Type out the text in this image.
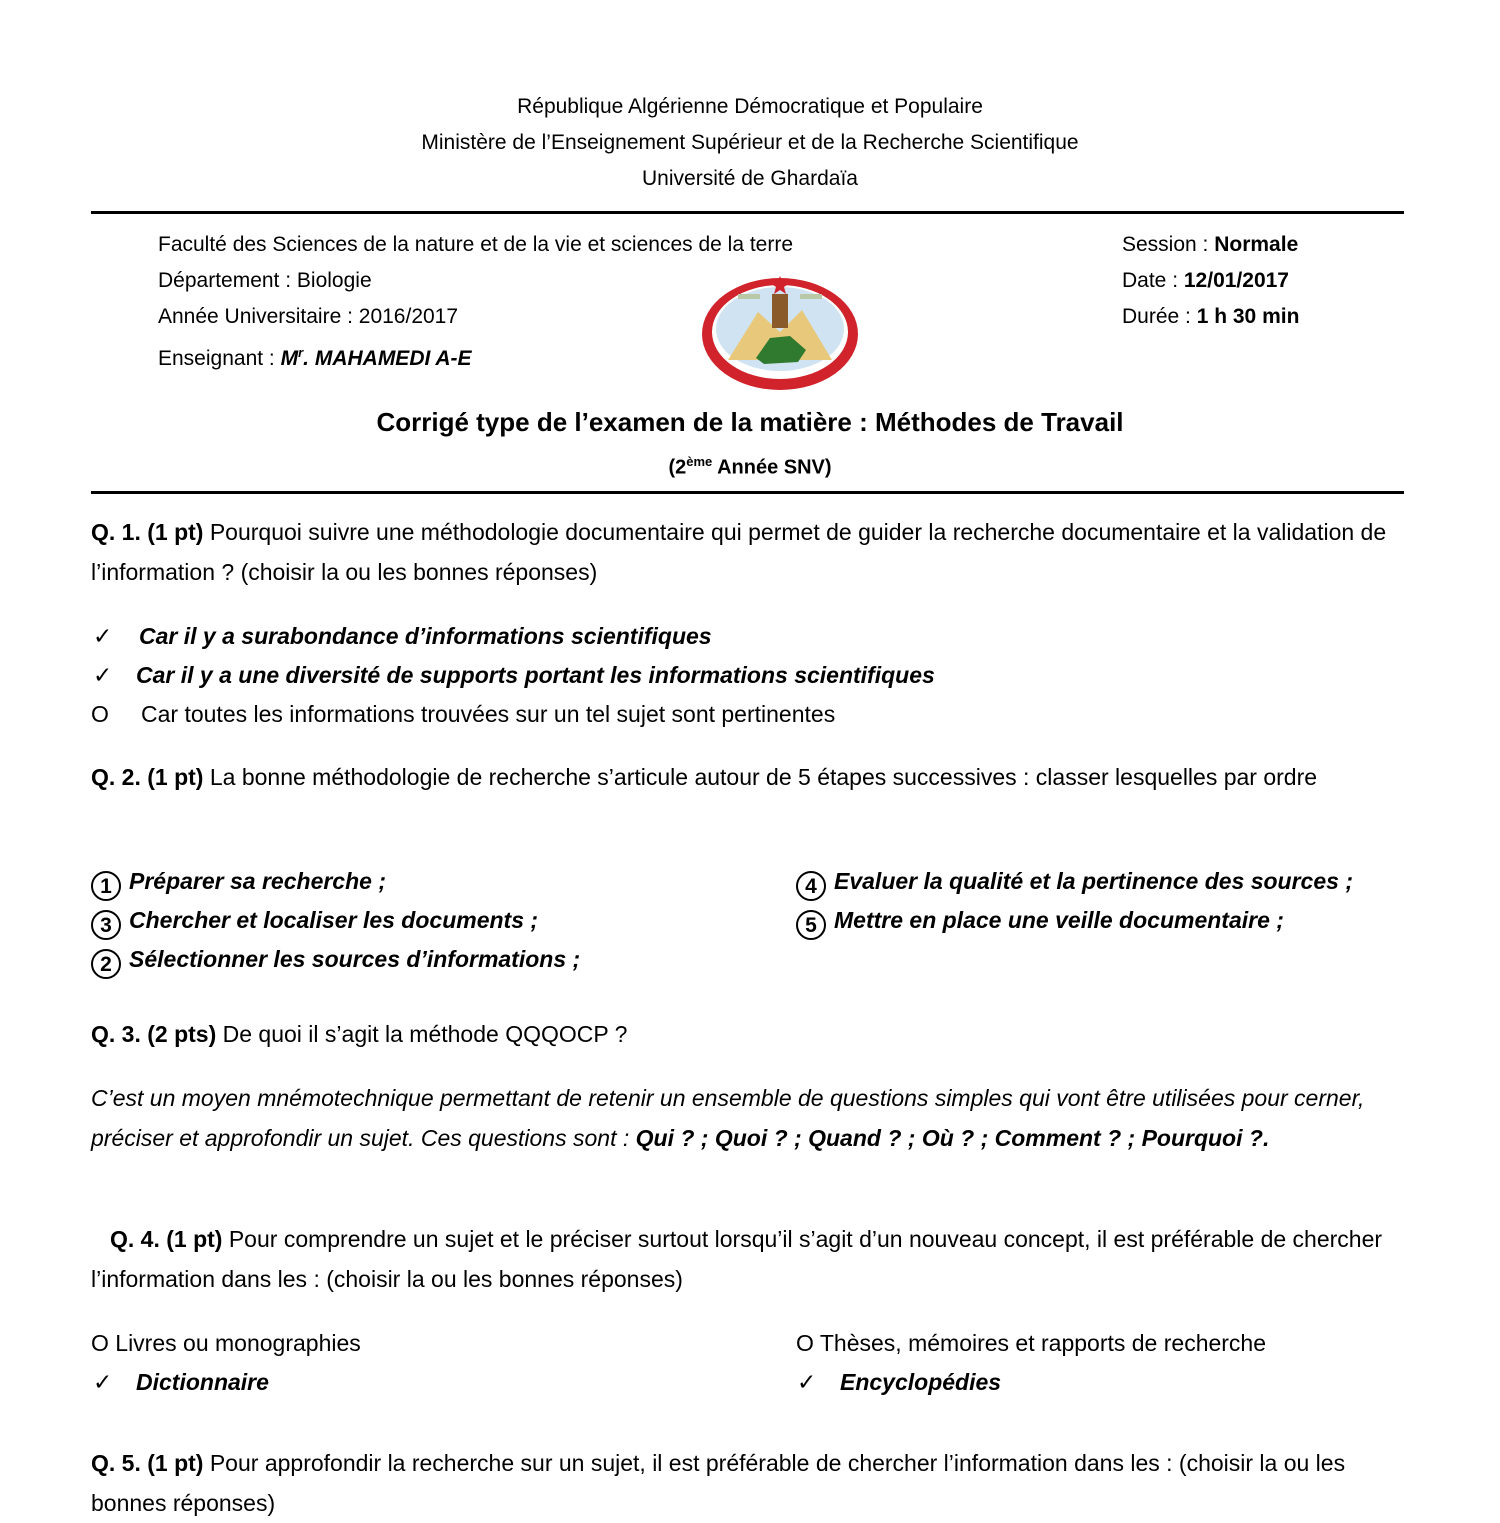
République Algérienne Démocratique et Populaire
Ministère de l’Enseignement Supérieur et de la Recherche Scientifique
Université de Ghardaïa
Faculté des Sciences de la nature et de la vie et sciences de la terre
Département : Biologie
Année Universitaire : 2016/2017
Enseignant : $M^r$. MAHAMEDI A-E
Session : Normale
Date : 12/01/2017
Durée : 1 h 30 min
Corrigé type de l’examen de la matière : Méthodes de Travail
(2ème Année SNV)
Q. 1. (1 pt) Pourquoi suivre une méthodologie documentaire qui permet de guider la recherche documentaire et la validation de l’information ? (choisir la ou les bonnes réponses)
✓ Car il y a surabondance d’informations scientifiques
✓ Car il y a une diversité de supports portant les informations scientifiques
O Car toutes les informations trouvées sur un tel sujet sont pertinentes
Q. 2. (1 pt) La bonne méthodologie de recherche s’articule autour de 5 étapes successives : classer lesquelles par ordre
1 Préparer sa recherche ;
3 Chercher et localiser les documents ;
2 Sélectionner les sources d’informations ;
4 Evaluer la qualité et la pertinence des sources ;
5 Mettre en place une veille documentaire ;
Q. 3. (2 pts) De quoi il s’agit la méthode QQQOCP ?
C’est un moyen mnémotechnique permettant de retenir un ensemble de questions simples qui vont être utilisées pour cerner, préciser et approfondir un sujet. Ces questions sont : Qui ? ; Quoi ? ; Quand ? ; Où ? ; Comment ? ; Pourquoi ?.
Q. 4. (1 pt) Pour comprendre un sujet et le préciser surtout lorsqu’il s’agit d’un nouveau concept, il est préférable de chercher l’information dans les : (choisir la ou les bonnes réponses)
O Livres ou monographies
✓ Dictionnaire
O Thèses, mémoires et rapports de recherche
✓ Encyclopédies
Q. 5. (1 pt) Pour approfondir la recherche sur un sujet, il est préférable de chercher l’information dans les : (choisir la ou les bonnes réponses)
